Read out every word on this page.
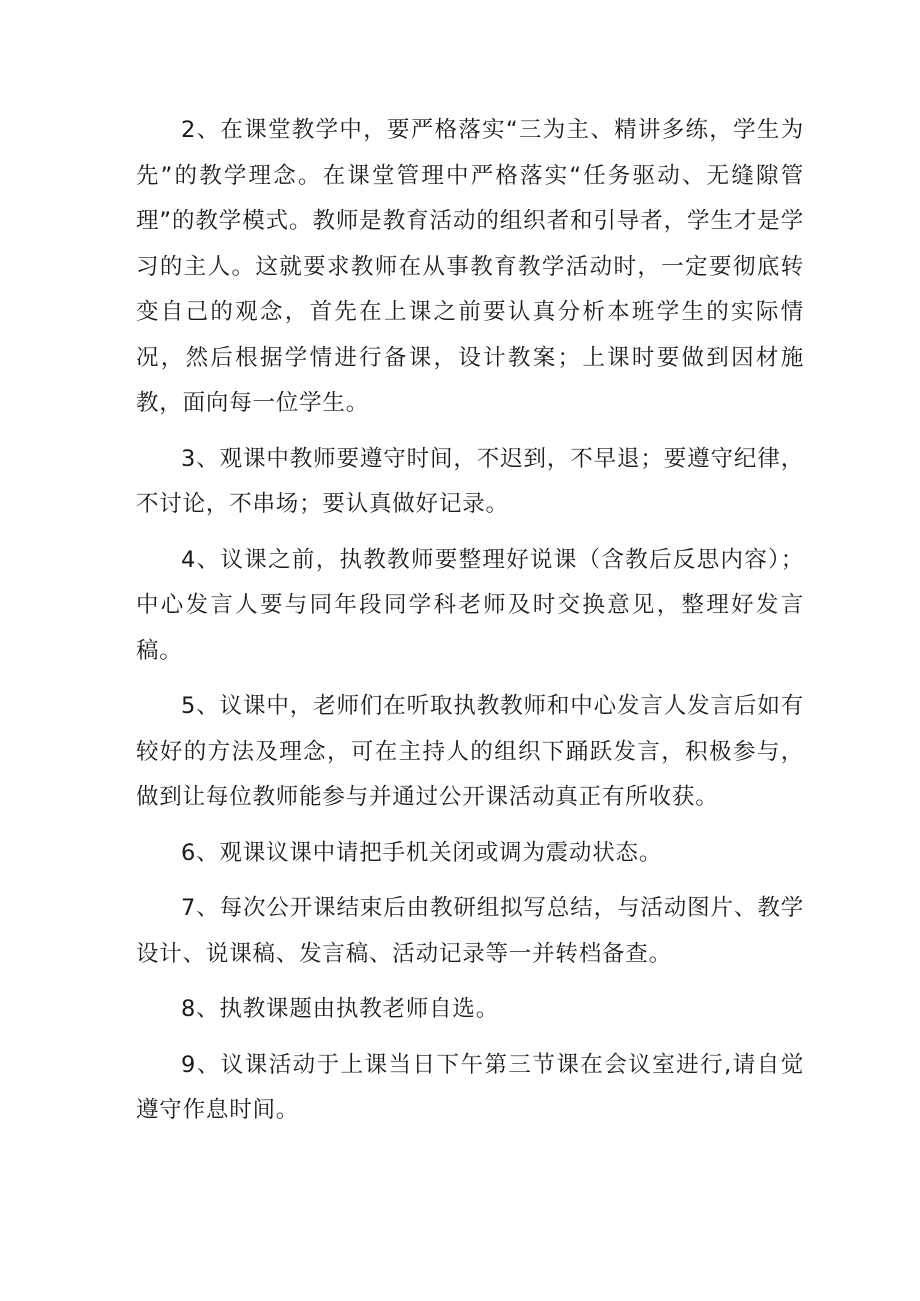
2、在课堂教学中，要严格落实“三为主、精讲多练，学生为先”的教学理念。在课堂管理中严格落实“任务驱动、无缝隙管理”的教学模式。教师是教育活动的组织者和引导者，学生才是学习的主人。这就要求教师在从事教育教学活动时，一定要彻底转变自己的观念，首先在上课之前要认真分析本班学生的实际情况，然后根据学情进行备课，设计教案；上课时要做到因材施教，面向每一位学生。

3、观课中教师要遵守时间，不迟到，不早退；要遵守纪律，不讨论，不串场；要认真做好记录。

4、议课之前，执教教师要整理好说课（含教后反思内容）；中心发言人要与同年段同学科老师及时交换意见，整理好发言稿。

5、议课中，老师们在听取执教教师和中心发言人发言后如有较好的方法及理念，可在主持人的组织下踊跃发言，积极参与，做到让每位教师能参与并通过公开课活动真正有所收获。

6、观课议课中请把手机关闭或调为震动状态。

7、每次公开课结束后由教研组拟写总结，与活动图片、教学设计、说课稿、发言稿、活动记录等一并转档备查。

8、执教课题由执教老师自选。

9、议课活动于上课当日下午第三节课在会议室进行,请自觉遵守作息时间。
